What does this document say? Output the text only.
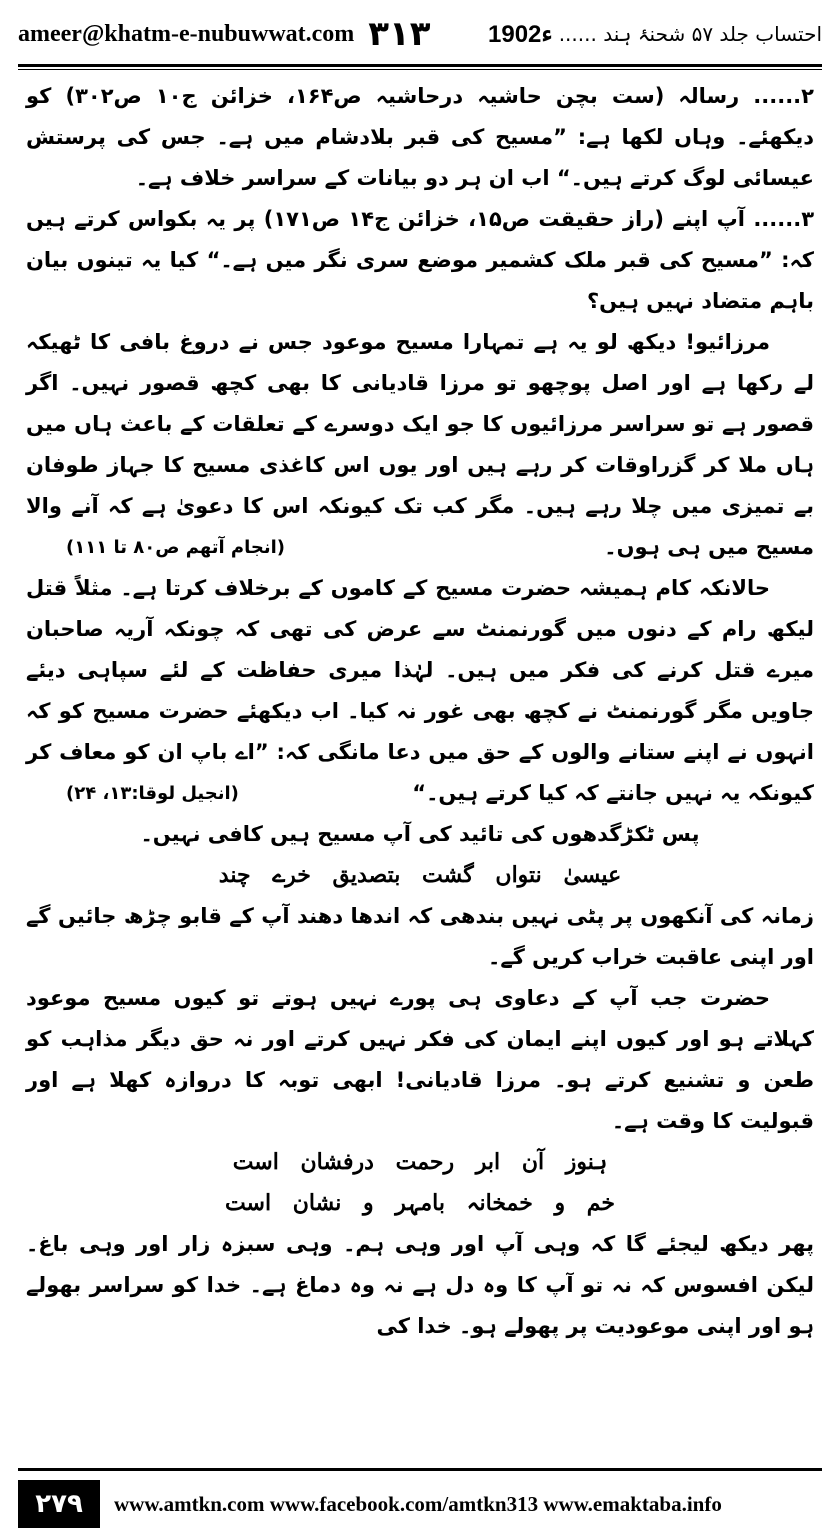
ameer@khatm-e-nubuwwat.com ۳۱۳	احتساب جلد ۵۷ شحنۂ ہند ......
1902ء

۲...... رسالہ (ست بچن حاشیہ درحاشیہ ص۱۶۴، خزائن ج۱۰ ص۳۰۲) کو دیکھئے۔ وہاں لکھا ہے: ”مسیح کی قبر بلادشام میں ہے۔ جس کی پرستش عیسائی لوگ کرتے ہیں۔“ اب ان ہر دو بیانات کے سراسر خلاف ہے۔

۳...... آپ اپنے (راز حقیقت ص۱۵، خزائن ج۱۴ ص۱۷۱) پر یہ بکواس کرتے ہیں کہ: ”مسیح کی قبر ملک کشمیر موضع سری نگر میں ہے۔“ کیا یہ تینوں بیان باہم متضاد نہیں ہیں؟

مرزائیو! دیکھ لو یہ ہے تمہارا مسیح موعود جس نے دروغ بافی کا ٹھیکہ لے رکھا ہے اور اصل پوچھو تو مرزا قادیانی کا بھی کچھ قصور نہیں۔ اگر قصور ہے تو سراسر مرزائیوں کا جو ایک دوسرے کے تعلقات کے باعث ہاں میں ہاں ملا کر گزراوقات کر رہے ہیں اور یوں اس کاغذی مسیح کا جہاز طوفان بے تمیزی میں چلا رہے ہیں۔ مگر کب تک کیونکہ اس کا دعویٰ ہے کہ آنے والا مسیح میں ہی ہوں۔
(انجام آتھم ص۸۰ تا ۱۱۱)

حالانکہ کام ہمیشہ حضرت مسیح کے کاموں کے برخلاف کرتا ہے۔ مثلاً قتل لیکھ رام کے دنوں میں گورنمنٹ سے عرض کی تھی کہ چونکہ آریہ صاحبان میرے قتل کرنے کی فکر میں ہیں۔ لہٰذا میری حفاظت کے لئے سپاہی دیئے جاویں مگر گورنمنٹ نے کچھ بھی غور نہ کیا۔ اب دیکھئے حضرت مسیح کو کہ انہوں نے اپنے ستانے والوں کے حق میں دعا مانگی کہ: ”اے باپ ان کو معاف کر کیونکہ یہ نہیں جانتے کہ کیا کرتے ہیں۔“
(انجیل لوقا:۱۳، ۲۴)

پس ٹکڑگدھوں کی تائید کی آپ مسیح ہیں کافی نہیں۔

عیسیٰ نتواں گشت بتصدیق خرے چند

زمانہ کی آنکھوں پر پٹی نہیں بندھی کہ اندھا دھند آپ کے قابو چڑھ جائیں گے اور اپنی عاقبت خراب کریں گے۔

حضرت جب آپ کے دعاوی ہی پورے نہیں ہوتے تو کیوں مسیح موعود کہلاتے ہو اور کیوں اپنے ایمان کی فکر نہیں کرتے اور نہ حق دیگر مذاہب کو طعن و تشنیع کرتے ہو۔ مرزا قادیانی! ابھی توبہ کا دروازہ کھلا ہے اور قبولیت کا وقت ہے۔

ہنوز آن ابر رحمت درفشان است

خم و خمخانہ بامہر و نشان است

پھر دیکھ لیجئے گا کہ وہی آپ اور وہی ہم۔ وہی سبزہ زار اور وہی باغ۔ لیکن افسوس کہ نہ تو آپ کا وہ دل ہے نہ وہ دماغ ہے۔ خدا کو سراسر بھولے ہو اور اپنی موعودیت پر پھولے ہو۔ خدا کی

۲۷۹	www.amtkn.com www.facebook.com/amtkn313 www.emaktaba.info
